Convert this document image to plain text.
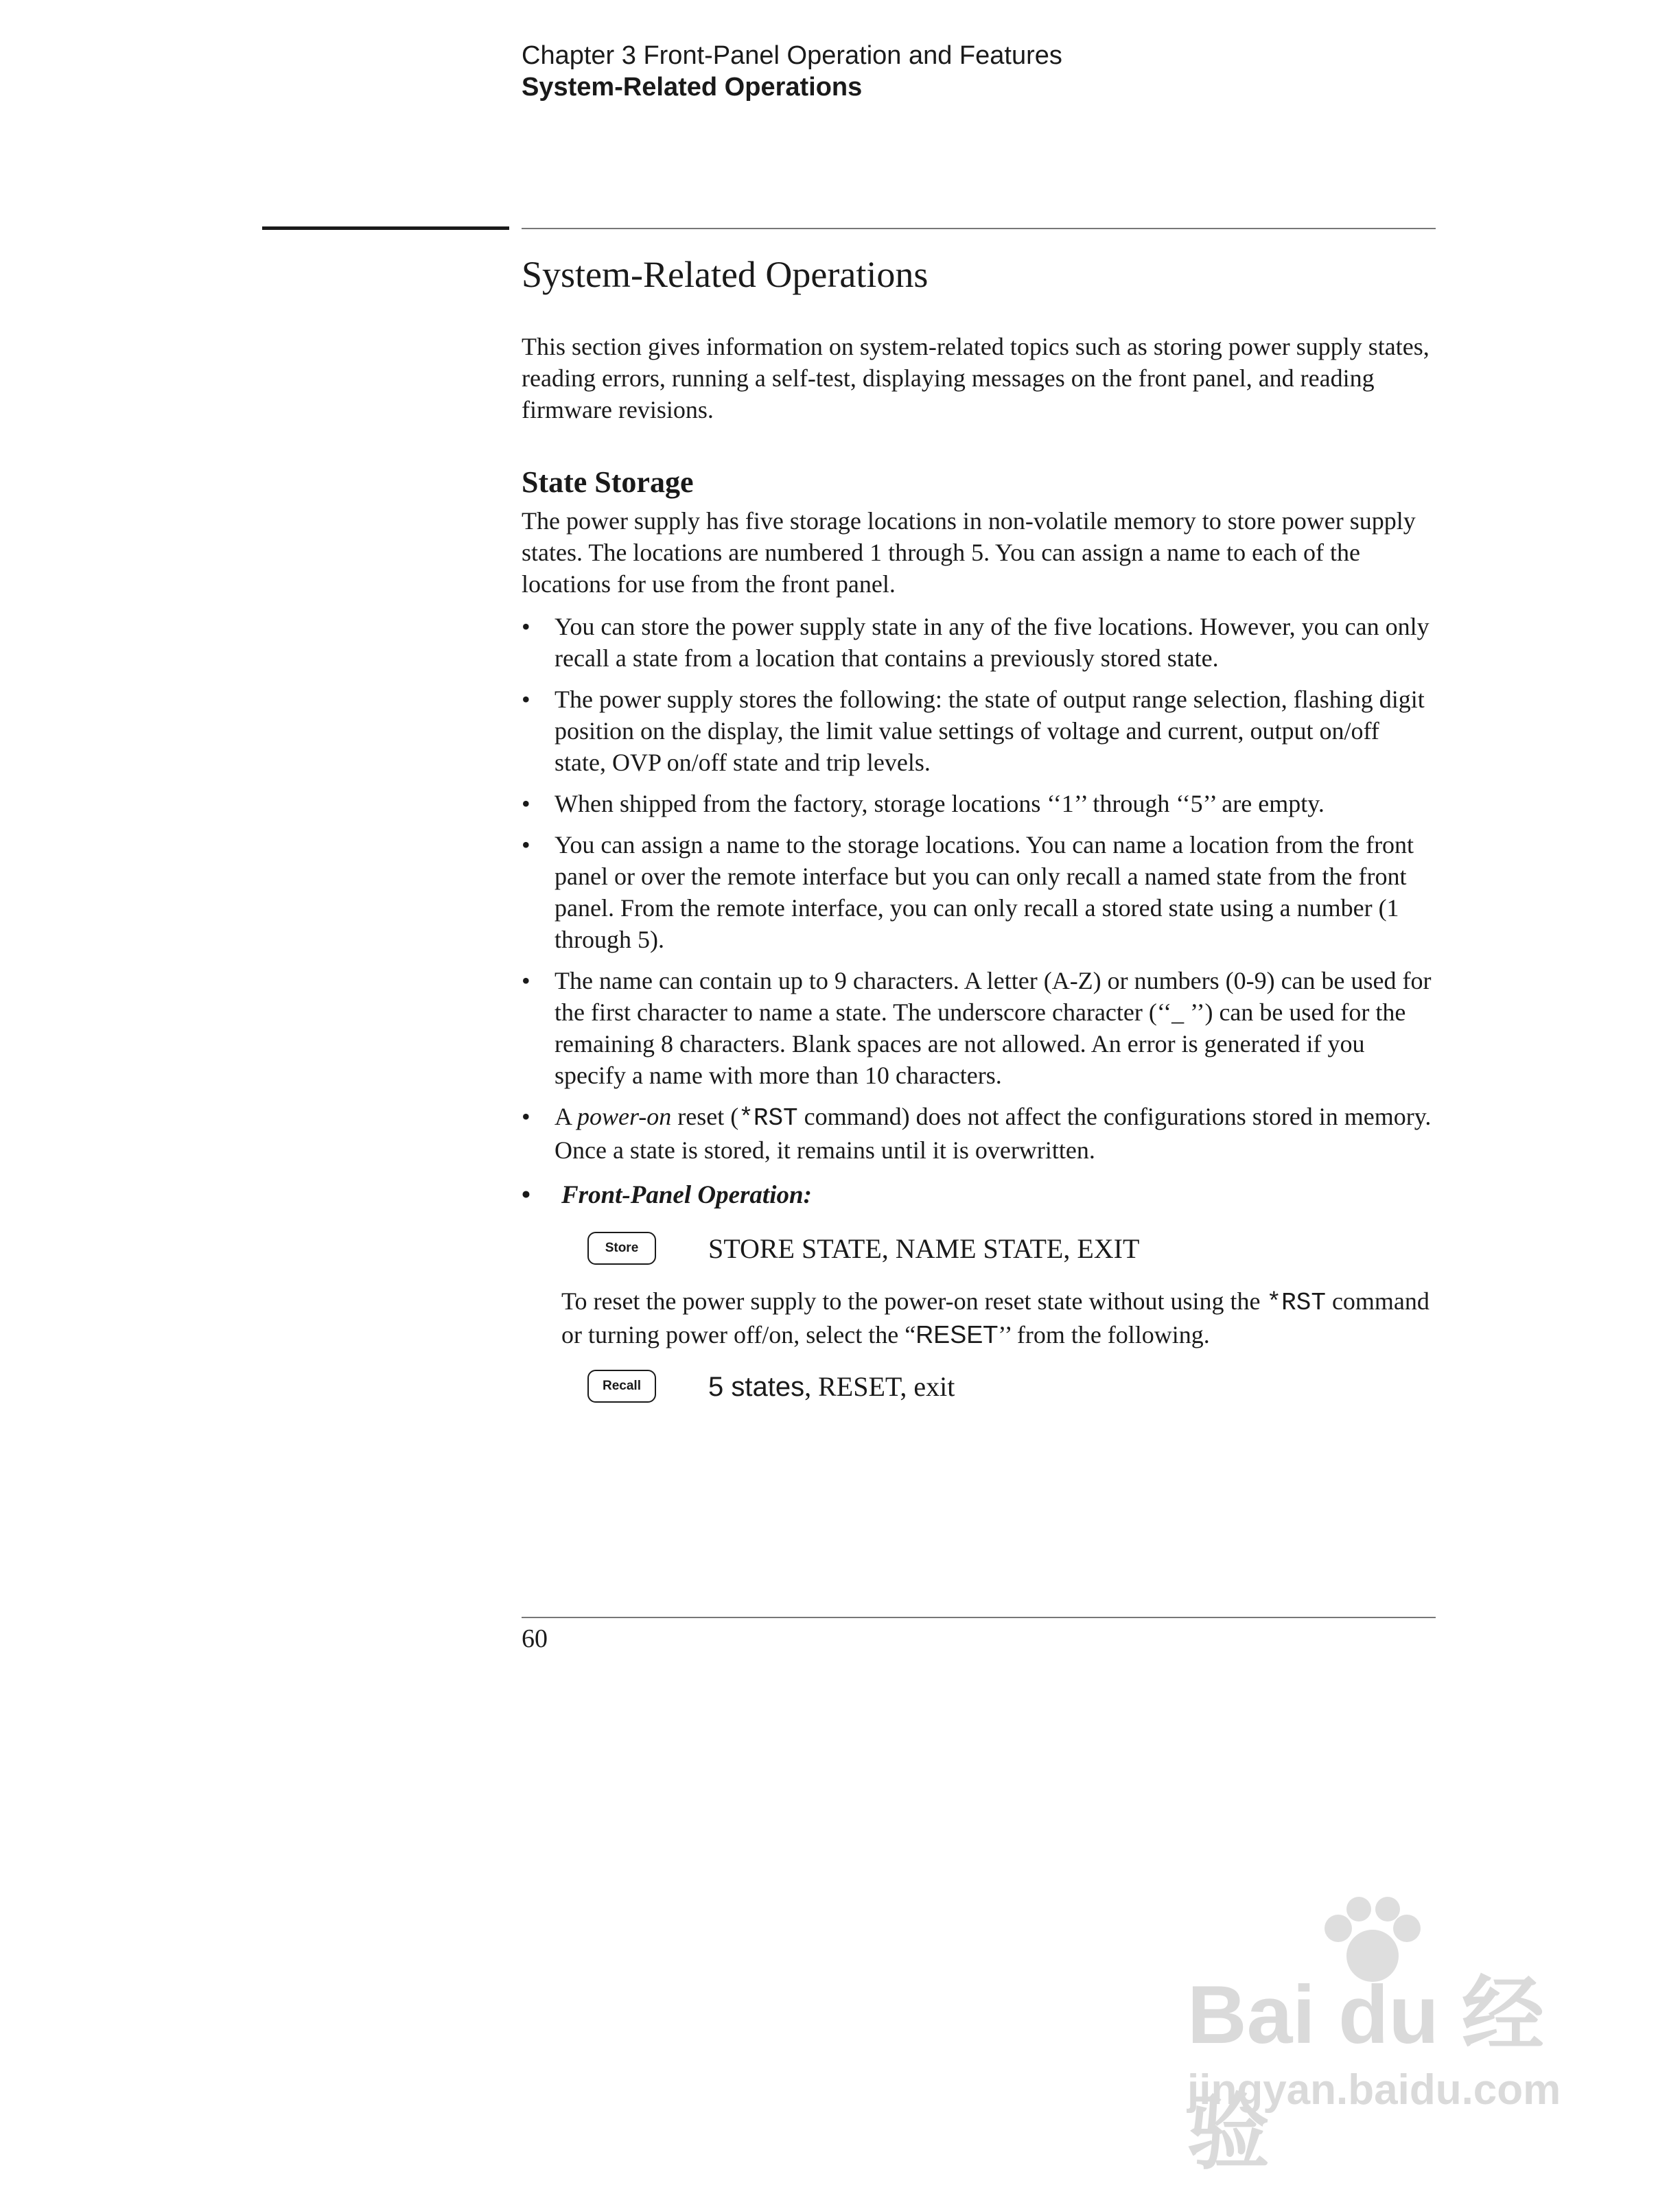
Chapter 3 Front-Panel Operation and Features
System-Related Operations
System-Related Operations

This section gives information on system-related topics such as storing power supply states, reading errors, running a self-test, displaying messages on the front panel, and reading firmware revisions.

State Storage

The power supply has five storage locations in non-volatile memory to store power supply states. The locations are numbered 1 through 5. You can assign a name to each of the locations for use from the front panel.

• You can store the power supply state in any of the five locations. However, you can only recall a state from a location that contains a previously stored state.
• The power supply stores the following: the state of output range selection, flashing digit position on the display, the limit value settings of voltage and current, output on/off state, OVP on/off state and trip levels.
• When shipped from the factory, storage locations ‘‘1’’ through ‘‘5’’ are empty.
• You can assign a name to the storage locations. You can name a location from the front panel or over the remote interface but you can only recall a named state from the front panel. From the remote interface, you can only recall a stored state using a number (1 through 5).
• The name can contain up to 9 characters. A letter (A-Z) or numbers (0-9) can be used for the first character to name a state. The underscore character (‘‘_ ’’) can be used for the remaining 8 characters. Blank spaces are not allowed. An error is generated if you specify a name with more than 10 characters.
• A power-on reset (*RST command) does not affect the configurations stored in memory. Once a state is stored, it remains until it is overwritten.
• Front-Panel Operation:
Store	STORE STATE, NAME STATE, EXIT

To reset the power supply to the power-on reset state without using the *RST command or turning power off/on, select the “RESET’’ from the following.

Recall	5 states, RESET, exit
60
Bai du 经验
jingyan.baidu.com
